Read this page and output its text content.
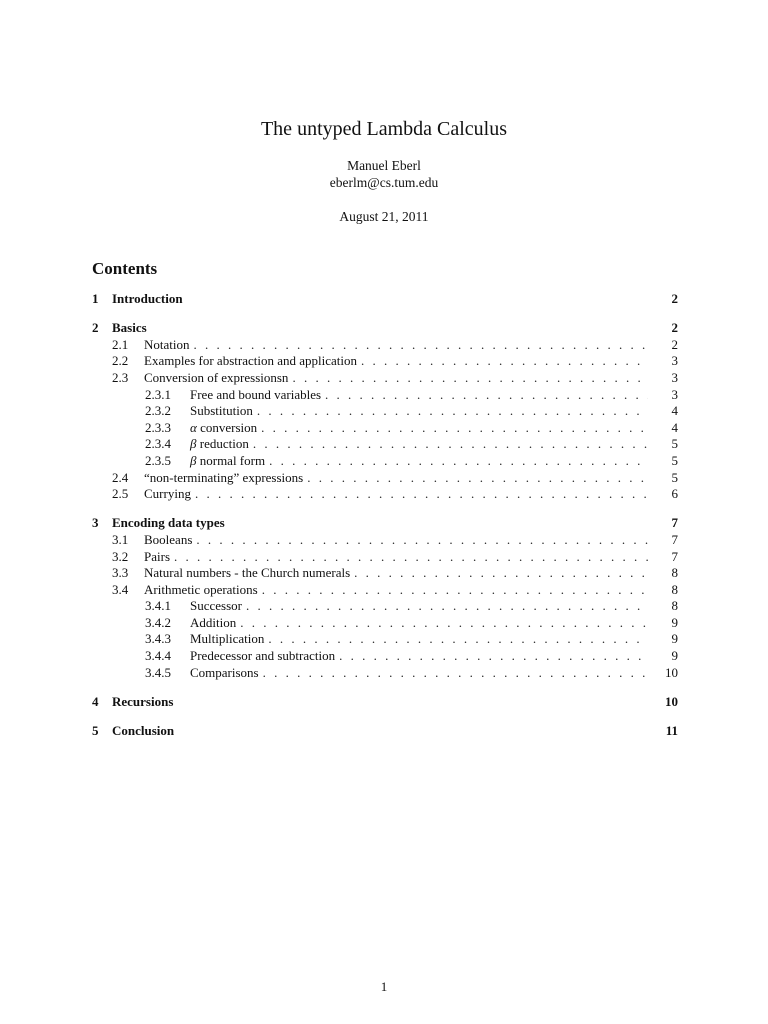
The untyped Lambda Calculus
Manuel Eberl
eberlm@cs.tum.edu
August 21, 2011
Contents
1	Introduction	2
2	Basics	2
2.1	Notation . . .	2
2.2	Examples for abstraction and application . . .	3
2.3	Conversion of expressionsn . . .	3
2.3.1	Free and bound variables . . .	3
2.3.2	Substitution . . .	4
2.3.3	α conversion . . .	4
2.3.4	β reduction . . .	5
2.3.5	β normal form . . .	5
2.4	“non-terminating” expressions . . .	5
2.5	Currying . . .	6
3	Encoding data types	7
3.1	Booleans . . .	7
3.2	Pairs . . .	7
3.3	Natural numbers - the Church numerals . . .	8
3.4	Arithmetic operations . . .	8
3.4.1	Successor . . .	8
3.4.2	Addition . . .	9
3.4.3	Multiplication . . .	9
3.4.4	Predecessor and subtraction . . .	9
3.4.5	Comparisons . . .	10
4	Recursions	10
5	Conclusion	11
1
